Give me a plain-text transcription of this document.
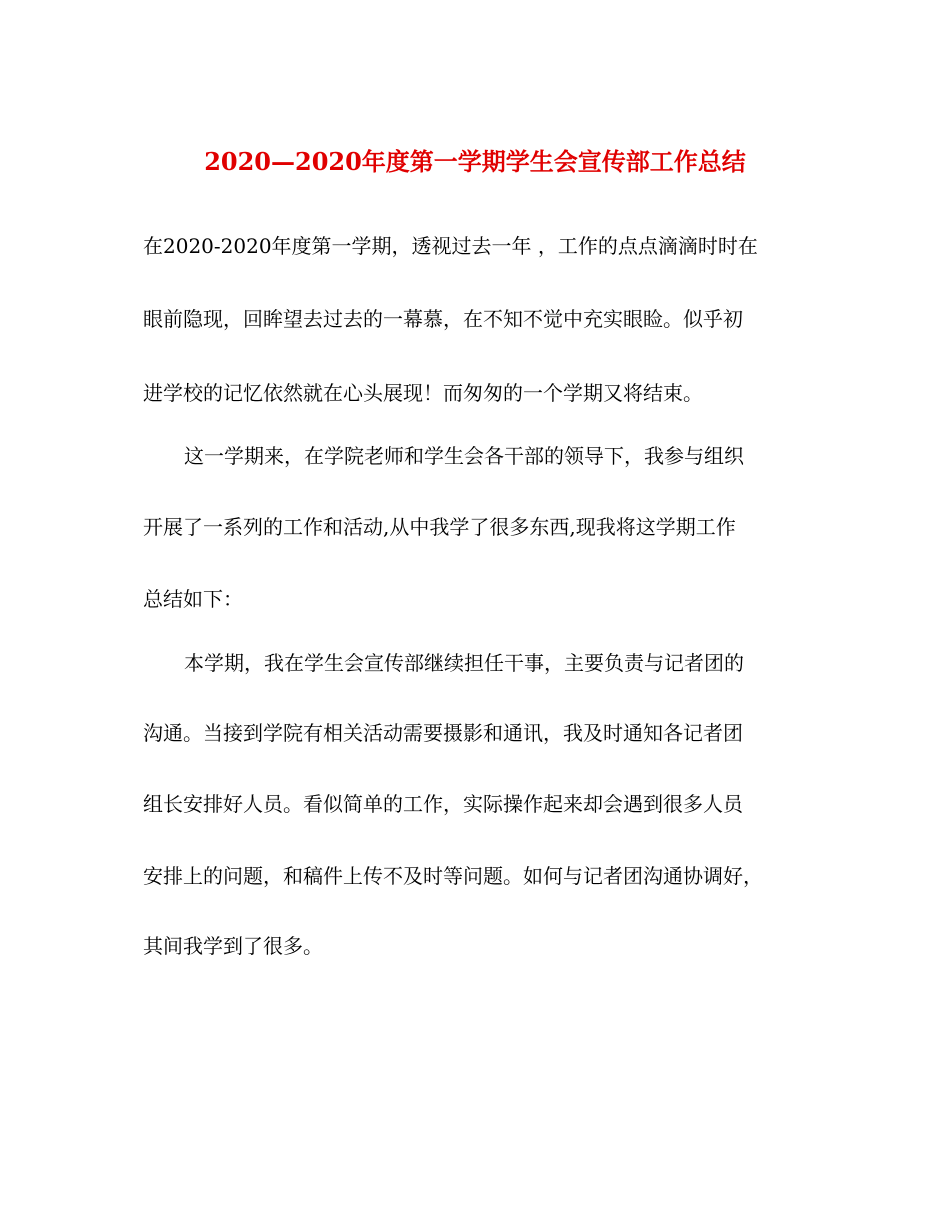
2020—2020年度第一学期学生会宣传部工作总结

在2020-2020年度第一学期，透视过去一年 ，工作的点点滴滴时时在

眼前隐现，回眸望去过去的一幕慕，在不知不觉中充实眼睑。似乎初

进学校的记忆依然就在心头展现！而匆匆的一个学期又将结束。

这一学期来，在学院老师和学生会各干部的领导下，我参与组织

开展了一系列的工作和活动,从中我学了很多东西,现我将这学期工作

总结如下：

本学期，我在学生会宣传部继续担任干事，主要负责与记者团的

沟通。当接到学院有相关活动需要摄影和通讯，我及时通知各记者团

组长安排好人员。看似简单的工作，实际操作起来却会遇到很多人员

安排上的问题，和稿件上传不及时等问题。如何与记者团沟通协调好，

其间我学到了很多。
